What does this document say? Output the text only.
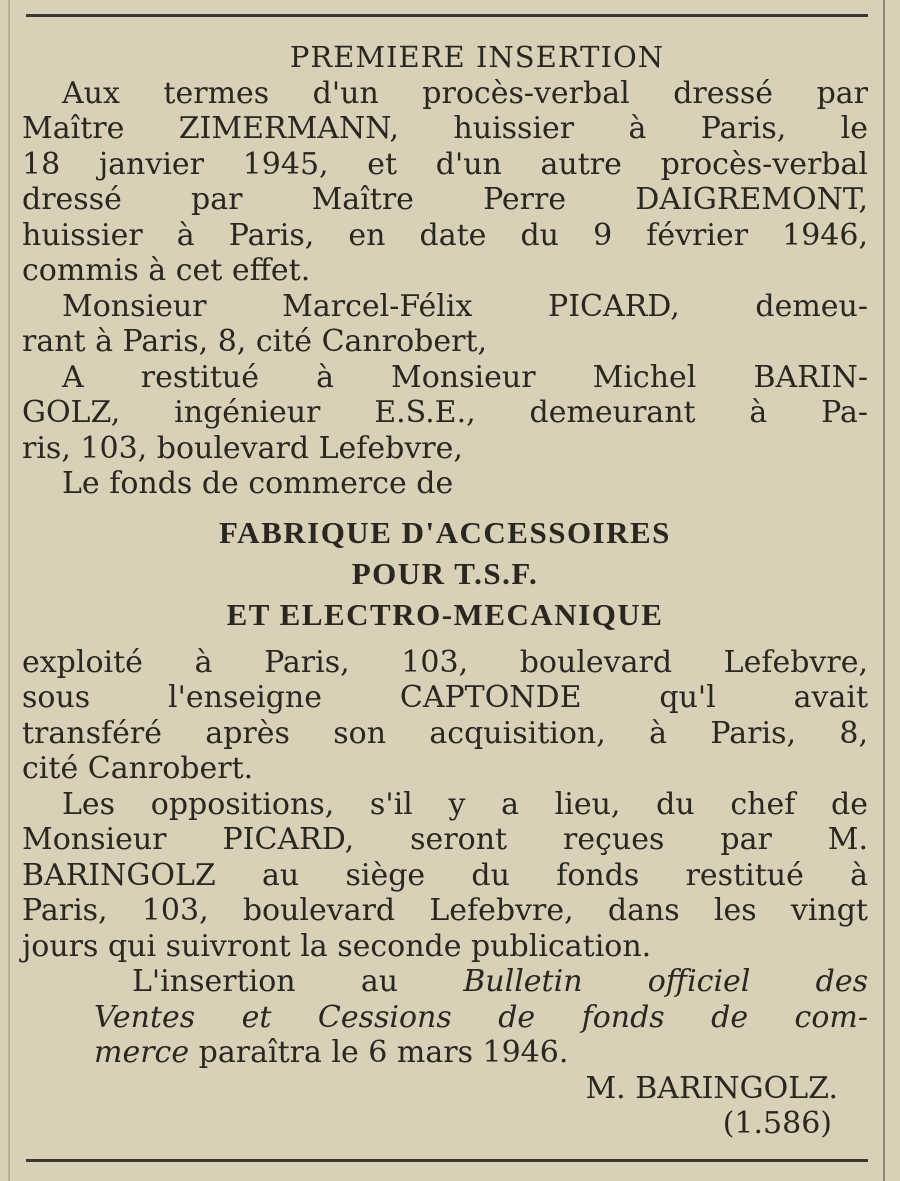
PREMIERE INSERTION
Aux termes d'un procès-verbal dressé par
Maître ZIMERMANN, huissier à Paris, le
18 janvier 1945, et d'un autre procès-verbal
dressé par Maître Perre DAIGREMONT,
huissier à Paris, en date du 9 février 1946,
commis à cet effet.
Monsieur Marcel-Félix PICARD, demeu-
rant à Paris, 8, cité Canrobert,
A restitué à Monsieur Michel BARIN-
GOLZ, ingénieur E.S.E., demeurant à Pa-
ris, 103, boulevard Lefebvre,
Le fonds de commerce de
FABRIQUE D'ACCESSOIRES
POUR T.S.F.
ET ELECTRO-MECANIQUE
exploité à Paris, 103, boulevard Lefebvre,
sous l'enseigne CAPTONDE qu'l avait
transféré après son acquisition, à Paris, 8,
cité Canrobert.
Les oppositions, s'il y a lieu, du chef de
Monsieur PICARD, seront reçues par M.
BARINGOLZ au siège du fonds restitué à
Paris, 103, boulevard Lefebvre, dans les vingt
jours qui suivront la seconde publication.
L'insertion au Bulletin officiel des
Ventes et Cessions de fonds de com-
merce paraîtra le 6 mars 1946.
M. BARINGOLZ.
(1.586)
